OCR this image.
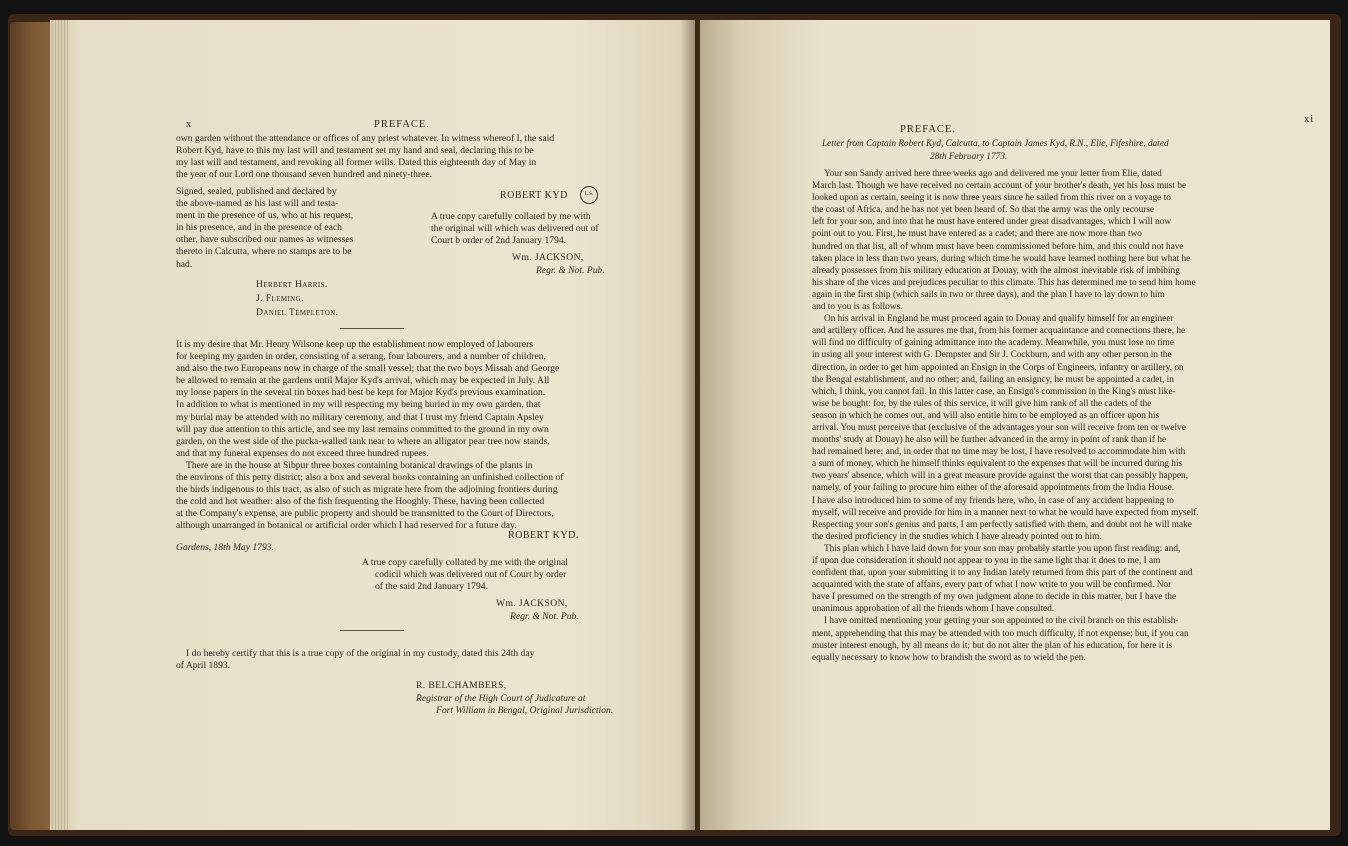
x	PREFACE.
own garden without the attendance or offices of any priest whatever. In witness whereof I, the said
Robert Kyd, have to this my last will and testament set my hand and seal, declaring this to be
my last will and testament, and revoking all former wills. Dated this eighteenth day of May in
the year of our Lord one thousand seven hundred and ninety-three.
Signed, sealed, published and declared by
the above-named as his last will and testa-
ment in the presence of us, who at his request,
in his presence, and in the presence of each
other, have subscribed our names as witnesses
thereto in Calcutta, where no stamps are to be
had.
ROBERT KYD	L.S.
A true copy carefully collated by me with
the original will which was delivered out of
Court b order of 2nd January 1794.
Wm. JACKSON,
Regr. & Not. Pub.
Herbert Harris.
J. Fleming.
Daniel Templeton.
It is my desire that Mr. Henry Wilsone keep up the establishment now employed of labourers
for keeping my garden in order, consisting of a serang, four labourers, and a number of children,
and also the two Europeans now in charge of the small vessel; that the two boys Missah and George
be allowed to remain at the gardens until Major Kyd's arrival, which may be expected in July. All
my loose papers in the several tin boxes had best be kept for Major Kyd's previous examination.
In addition to what is mentioned in my will respecting my being buried in my own garden, that
my burial may be attended with no military ceremony, and that I trust my friend Captain Apsley
will pay due attention to this article, and see my last remains committed to the ground in my own
garden, on the west side of the pucka-walled tank near to where an alligator pear tree now stands,
and that my funeral expenses do not exceed three hundred rupees.
There are in the house at Sibpur three boxes containing botanical drawings of the plants in
the environs of this petty district; also a box and several books containing an unfinished collection of
the birds indigenous to this tract, as also of such as migrate here from the adjoining frontiers during
the cold and hot weather: also of the fish frequenting the Hooghly. These, having been collected
at the Company's expense, are public property and should be transmitted to the Court of Directors,
although unarranged in botanical or artificial order which I had reserved for a future day.
ROBERT KYD.
Gardens, 18th May 1793.
A true copy carefully collated by me with the original
codicil which was delivered out of Court by order
of the said 2nd January 1794.
Wm. JACKSON,
Regr. & Not. Pub.
I do hereby certify that this is a true copy of the original in my custody, dated this 24th day
of April 1893.
R. BELCHAMBERS,
Registrar of the High Court of Judicature at
Fort William in Bengal, Original Jurisdiction.
xi
PREFACE.
Letter from Captain Robert Kyd, Calcutta, to Captain James Kyd, R.N., Elie, Fifeshire, dated
28th February 1773.
Your son Sandy arrived here three weeks ago and delivered me your letter from Elie, dated
March last. Though we have received no certain account of your brother's death, yet his loss must be
looked upon as certain, seeing it is now three years since he sailed from this river on a voyage to
the coast of Africa, and he has not yet been heard of. So that the army was the only recourse
left for your son, and into that he must have entered under great disadvantages, which I will now
point out to you. First, he must have entered as a cadet; and there are now more than two
hundred on that list, all of whom must have been commissioned before him, and this could not have
taken place in less than two years, during which time he would have learned nothing here but what he
already possesses from his military education at Douay, with the almost inevitable risk of imbibing
his share of the vices and prejudices peculiar to this climate. This has determined me to send him home
again in the first ship (which sails in two or three days), and the plan I have to lay down to him
and to you is as follows.
On his arrival in England he must proceed again to Douay and qualify himself for an engineer
and artillery officer. And he assures me that, from his former acquaintance and connections there, he
will find no difficulty of gaining admittance into the academy. Meanwhile, you must lose no time
in using all your interest with G. Dempster and Sir J. Cockburn, and with any other person in the
direction, in order to get him appointed an Ensign in the Corps of Engineers, infantry or artillery, on
the Bengal establishment, and no other; and, failing an ensigncy, he must be appointed a cadet, in
which, I think, you cannot fail. In this latter case, an Ensign's commission in the King's must like-
wise be bought: for, by the rules of this service, it will give him rank of all the cadets of the
season in which he comes out, and will also entitle him to be employed as an officer upon his
arrival. You must perceive that (exclusive of the advantages your son will receive from ten or twelve
months' study at Douay) he also will be further advanced in the army in point of rank than if he
had remained here; and, in order that no time may be lost, I have resolved to accommodate him with
a sum of money, which he himself thinks equivalent to the expenses that will be incurred during his
two years' absence, which will in a great measure provide against the worst that can possibly happen,
namely, of your failing to procure him either of the aforesaid appointments from the India House.
I have also introduced him to some of my friends here, who, in case of any accident happening to
myself, will receive and provide for him in a manner next to what he would have expected from myself.
Respecting your son's genius and parts, I am perfectly satisfied with them, and doubt not he will make
the desired proficiency in the studies which I have already pointed out to him.
This plan which I have laid down for your son may probably startle you upon first reading: and,
if upon due consideration it should not appear to you in the same light that it does to me, I am
confident that, upon your submitting it to any Indian lately returned from this part of the continent and
acquainted with the state of affairs, every part of what I now write to you will be confirmed. Nor
have I presumed on the strength of my own judgment alone to decide in this matter, but I have the
unanimous approbation of all the friends whom I have consulted.
I have omitted mentioning your getting your son appointed to the civil branch on this establish-
ment, apprehending that this may be attended with too much difficulty, if not expense; but, if you can
muster interest enough, by all means do it; but do not alter the plan of his education, for here it is
equally necessary to know how to brandish the sword as to wield the pen.
